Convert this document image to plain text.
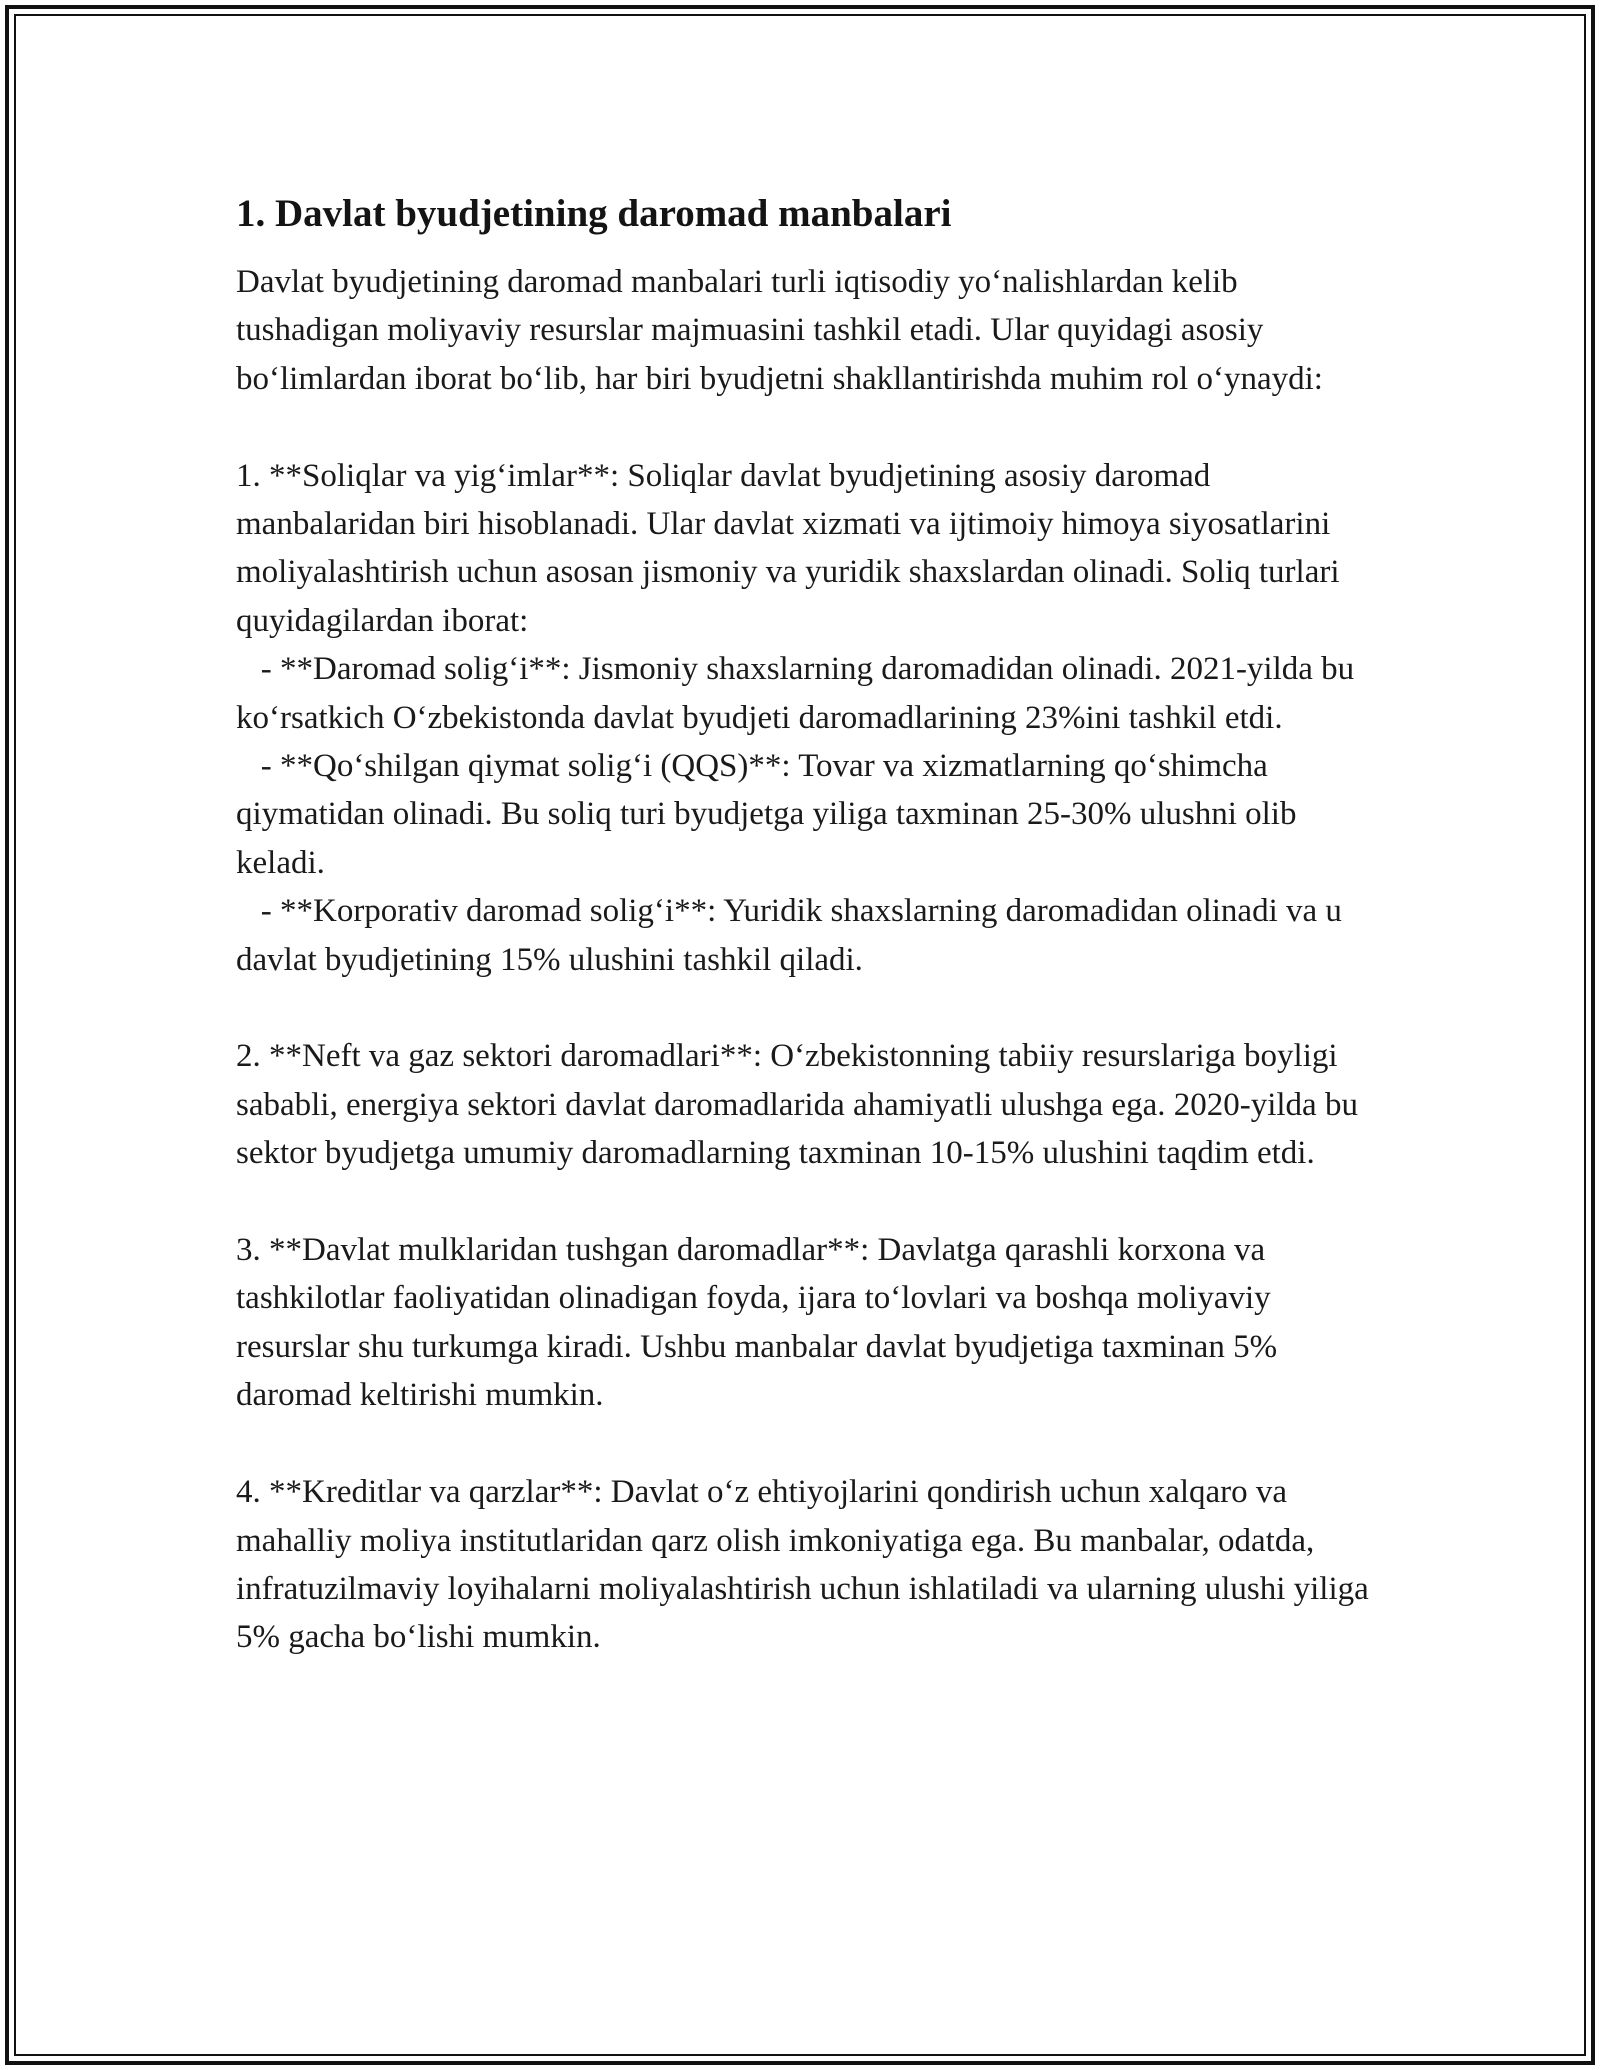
1. Davlat byudjetining daromad manbalari

Davlat byudjetining daromad manbalari turli iqtisodiy yo‘nalishlardan kelib tushadigan moliyaviy resurslar majmuasini tashkil etadi. Ular quyidagi asosiy bo‘limlardan iborat bo‘lib, har biri byudjetni shakllantirishda muhim rol o‘ynaydi:

1. **Soliqlar va yig‘imlar**: Soliqlar davlat byudjetining asosiy daromad manbalaridan biri hisoblanadi. Ular davlat xizmati va ijtimoiy himoya siyosatlarini moliyalashtirish uchun asosan jismoniy va yuridik shaxslardan olinadi. Soliq turlari quyidagilardan iborat:

- **Daromad solig‘i**: Jismoniy shaxslarning daromadidan olinadi. 2021-yilda bu ko‘rsatkich O‘zbekistonda davlat byudjeti daromadlarining 23%ini tashkil etdi.

- **Qo‘shilgan qiymat solig‘i (QQS)**: Tovar va xizmatlarning qo‘shimcha qiymatidan olinadi. Bu soliq turi byudjetga yiliga taxminan 25-30% ulushni olib keladi.

- **Korporativ daromad solig‘i**: Yuridik shaxslarning daromadidan olinadi va u davlat byudjetining 15% ulushini tashkil qiladi.

2. **Neft va gaz sektori daromadlari**: O‘zbekistonning tabiiy resurslariga boyligi sababli, energiya sektori davlat daromadlarida ahamiyatli ulushga ega. 2020-yilda bu sektor byudjetga umumiy daromadlarning taxminan 10-15% ulushini taqdim etdi.

3. **Davlat mulklaridan tushgan daromadlar**: Davlatga qarashli korxona va tashkilotlar faoliyatidan olinadigan foyda, ijara to‘lovlari va boshqa moliyaviy resurslar shu turkumga kiradi. Ushbu manbalar davlat byudjetiga taxminan 5% daromad keltirishi mumkin.

4. **Kreditlar va qarzlar**: Davlat o‘z ehtiyojlarini qondirish uchun xalqaro va mahalliy moliya institutlaridan qarz olish imkoniyatiga ega. Bu manbalar, odatda, infratuzilmaviy loyihalarni moliyalashtirish uchun ishlatiladi va ularning ulushi yiliga 5% gacha bo‘lishi mumkin.
